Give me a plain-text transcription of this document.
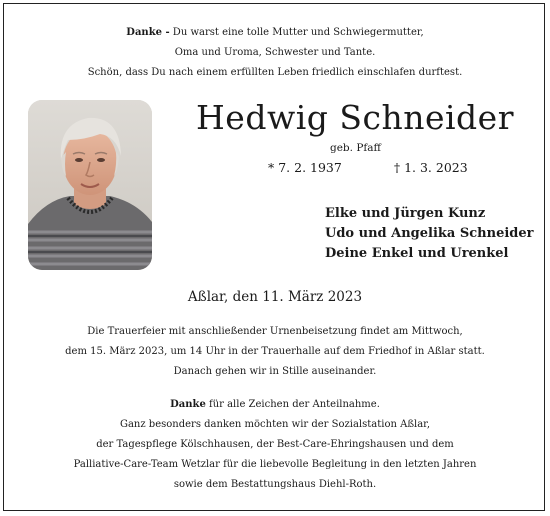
Danke - Du warst eine tolle Mutter und Schwiegermutter,
Oma und Uroma, Schwester und Tante.
Schön, dass Du nach einem erfüllten Leben friedlich einschlafen durftest.
Hedwig Schneider
geb. Pfaff
* 7. 2. 1937	† 1. 3. 2023
Elke und Jürgen Kunz
Udo und Angelika Schneider
Deine Enkel und Urenkel
Aßlar, den 11. März 2023
Die Trauerfeier mit anschließender Urnenbeisetzung findet am Mittwoch,
dem 15. März 2023, um 14 Uhr in der Trauerhalle auf dem Friedhof in Aßlar statt.
Danach gehen wir in Stille auseinander.
Danke für alle Zeichen der Anteilnahme.
Ganz besonders danken möchten wir der Sozialstation Aßlar,
der Tagespflege Kölschhausen, der Best-Care-Ehringshausen und dem
Palliative-Care-Team Wetzlar für die liebevolle Begleitung in den letzten Jahren
sowie dem Bestattungshaus Diehl-Roth.
